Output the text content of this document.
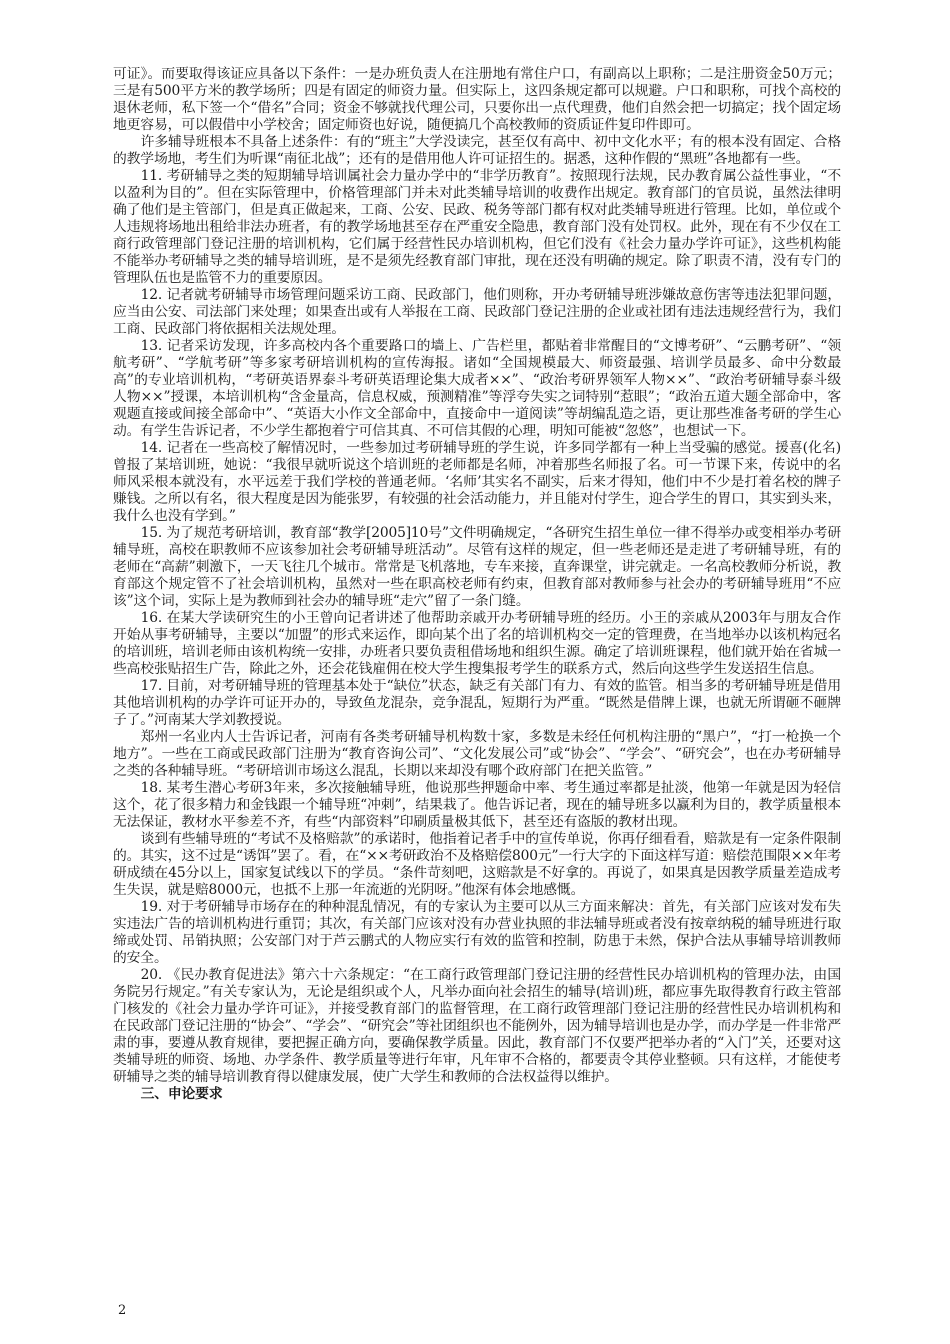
可证》。而要取得该证应具备以下条件：一是办班负责人在注册地有常住户口，有副高以上职称；二是注册资金50万元；三是有500平方米的教学场所；四是有固定的师资力量。但实际上，这四条规定都可以规避。户口和职称，可找个高校的退休老师，私下签一个“借名”合同；资金不够就找代理公司，只要你出一点代理费，他们自然会把一切搞定；找个固定场地更容易，可以假借中小学校舍；固定师资也好说，随便搞几个高校教师的资质证件复印件即可。

许多辅导班根本不具备上述条件：有的“班主”大学没读完，甚至仅有高中、初中文化水平；有的根本没有固定、合格的教学场地，考生们为听课“南征北战”；还有的是借用他人许可证招生的。据悉，这种作假的“黑班”各地都有一些。

11. 考研辅导之类的短期辅导培训属社会力量办学中的“非学历教育”。按照现行法规，民办教育属公益性事业，“不以盈利为目的”。但在实际管理中，价格管理部门并未对此类辅导培训的收费作出规定。教育部门的官员说，虽然法律明确了他们是主管部门，但是真正做起来，工商、公安、民政、税务等部门都有权对此类辅导班进行管理。比如，单位或个人违规将场地出租给非法办班者，有的教学场地甚至存在严重安全隐患，教育部门没有处罚权。此外，现在有不少仅在工商行政管理部门登记注册的培训机构，它们属于经营性民办培训机构，但它们没有《社会力量办学许可证》，这些机构能不能举办考研辅导之类的辅导培训班，是不是须先经教育部门审批，现在还没有明确的规定。除了职责不清，没有专门的管理队伍也是监管不力的重要原因。

12. 记者就考研辅导市场管理问题采访工商、民政部门，他们则称，开办考研辅导班涉嫌故意伤害等违法犯罪问题，应当由公安、司法部门来处理；如果查出或有人举报在工商、民政部门登记注册的企业或社团有违法违规经营行为，我们工商、民政部门将依据相关法规处理。

13. 记者采访发现，许多高校内各个重要路口的墙上、广告栏里，都贴着非常醒目的“文博考研”、“云鹏考研”、“领航考研”、“学航考研”等多家考研培训机构的宣传海报。诸如“全国规模最大、师资最强、培训学员最多、命中分数最高”的专业培训机构，“考研英语界泰斗考研英语理论集大成者××”、“政治考研界领军人物××”、“政治考研辅导泰斗级人物××”授课，本培训机构“含金量高，信息权威，预测精准”等浮夸失实之词特别“惹眼”；“政治五道大题全部命中，客观题直接或间接全部命中”、“英语大小作文全部命中，直接命中一道阅读”等胡编乱造之语，更让那些准备考研的学生心动。有学生告诉记者，不少学生都抱着宁可信其真、不可信其假的心理，明知可能被“忽悠”，也想试一下。

14. 记者在一些高校了解情况时，一些参加过考研辅导班的学生说，许多同学都有一种上当受骗的感觉。援喜(化名)曾报了某培训班，她说：“我很早就听说这个培训班的老师都是名师，冲着那些名师报了名。可一节课下来，传说中的名师风采根本就没有，水平远差于我们学校的普通老师。‘名师’其实名不副实，后来才得知，他们中不少是打着名校的牌子赚钱。之所以有名，很大程度是因为能张罗，有较强的社会活动能力，并且能对付学生，迎合学生的胃口，其实到头来，我什么也没有学到。”

15. 为了规范考研培训，教育部“教学[2005]10号”文件明确规定，“各研究生招生单位一律不得举办或变相举办考研辅导班，高校在职教师不应该参加社会考研辅导班活动”。尽管有这样的规定，但一些老师还是走进了考研辅导班，有的老师在“高薪”刺激下，一天飞往几个城市。常常是飞机落地，专车来接，直奔课堂，讲完就走。一名高校教师分析说，教育部这个规定管不了社会培训机构，虽然对一些在职高校老师有约束，但教育部对教师参与社会办的考研辅导班用“不应该”这个词，实际上是为教师到社会办的辅导班“走穴”留了一条门缝。

16. 在某大学读研究生的小王曾向记者讲述了他帮助亲戚开办考研辅导班的经历。小王的亲戚从2003年与朋友合作开始从事考研辅导，主要以“加盟”的形式来运作，即向某个出了名的培训机构交一定的管理费，在当地举办以该机构冠名的培训班，培训老师由该机构统一安排，办班者只要负责租借场地和组织生源。确定了培训班课程，他们就开始在省城一些高校张贴招生广告，除此之外，还会花钱雇佣在校大学生搜集报考学生的联系方式，然后向这些学生发送招生信息。

17. 目前，对考研辅导班的管理基本处于“缺位”状态，缺乏有关部门有力、有效的监管。相当多的考研辅导班是借用其他培训机构的办学许可证开办的，导致鱼龙混杂，竞争混乱，短期行为严重。“既然是借牌上课，也就无所谓砸不砸牌子了。”河南某大学刘教授说。

郑州一名业内人士告诉记者，河南有各类考研辅导机构数十家，多数是未经任何机构注册的“黑户”，“打一枪换一个地方”。一些在工商或民政部门注册为“教育咨询公司”、“文化发展公司”或“协会”、“学会”、“研究会”，也在办考研辅导之类的各种辅导班。“考研培训市场这么混乱，长期以来却没有哪个政府部门在把关监管。”

18. 某考生潜心考研3年来，多次接触辅导班，他说那些押题命中率、考生通过率都是扯淡，他第一年就是因为轻信这个，花了很多精力和金钱跟一个辅导班“冲刺”，结果栽了。他告诉记者，现在的辅导班多以赢利为目的，教学质量根本无法保证，教材水平参差不齐，有些“内部资料”印刷质量极其低下，甚至还有盗版的教材出现。

谈到有些辅导班的“考试不及格赔款”的承诺时，他指着记者手中的宣传单说，你再仔细看看，赔款是有一定条件限制的。其实，这不过是“诱饵”罢了。看，在“××考研政治不及格赔偿800元”一行大字的下面这样写道：赔偿范围限××年考研成绩在45分以上，国家复试线以下的学员。“条件苛刻吧，这赔款是不好拿的。再说了，如果真是因教学质量差造成考生失误，就是赔8000元，也抵不上那一年流逝的光阴呀。”他深有体会地感慨。

19. 对于考研辅导市场存在的种种混乱情况，有的专家认为主要可以从三方面来解决：首先，有关部门应该对发布失实违法广告的培训机构进行重罚；其次，有关部门应该对没有办营业执照的非法辅导班或者没有按章纳税的辅导班进行取缔或处罚、吊销执照；公安部门对于芦云鹏式的人物应实行有效的监管和控制，防患于未然，保护合法从事辅导培训教师的安全。

20. 《民办教育促进法》第六十六条规定：“在工商行政管理部门登记注册的经营性民办培训机构的管理办法，由国务院另行规定。”有关专家认为，无论是组织或个人，凡举办面向社会招生的辅导(培训)班，都应事先取得教育行政主管部门核发的《社会力量办学许可证》，并接受教育部门的监督管理，在工商行政管理部门登记注册的经营性民办培训机构和在民政部门登记注册的“协会”、“学会”、“研究会”等社团组织也不能例外，因为辅导培训也是办学，而办学是一件非常严肃的事，要遵从教育规律，要把握正确方向，要确保教学质量。因此，教育部门不仅要严把举办者的“入门”关，还要对这类辅导班的师资、场地、办学条件、教学质量等进行年审，凡年审不合格的，都要责令其停业整顿。只有这样，才能使考研辅导之类的辅导培训教育得以健康发展，使广大学生和教师的合法权益得以维护。

三、申论要求

2
